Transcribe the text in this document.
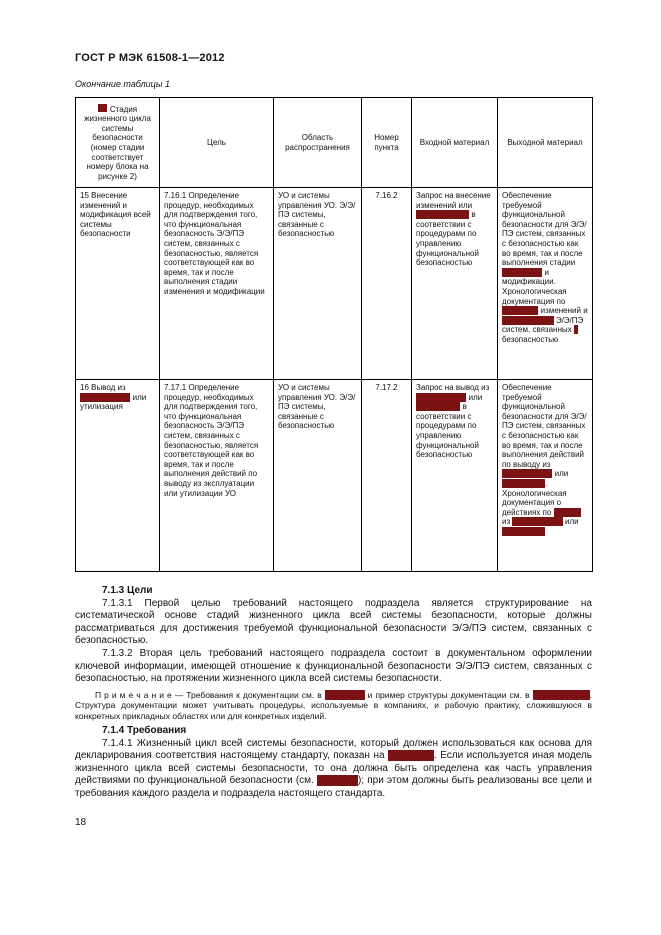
ГОСТ Р МЭК 61508-1—2012
Окончание таблицы 1
Стадия жизненного цикла системы безопасности (номер стадии соответствует номеру блока на рисунке 2)	Цель	Область распространения	Номер пункта	Входной материал	Выходной материал
15 Внесение изменений и модификация всей системы безопасности	7.16.1 Определение процедур, необходимых для подтверждения того, что функциональная безопасность Э/Э/ПЭ систем, связанных с безопасностью, является соответствующей как во время, так и после выполнения стадии изменения и модификации	УО и системы управления УО. Э/Э/ПЭ системы, связанные с безопасностью	7.16.2	Запрос на внесение изменений или модификацию в соответствии с процедурами по управлению функциональной безопасностью	Обеспечение требуемой функциональной безопасности для Э/Э/ПЭ систем, связанных с безопасностью как во время, так и после выполнения стадии изменений и модификации. Хронологическая документация по внесению изменений и модификации Э/Э/ПЭ систем, связанных с безопасностью
16 Вывод из эксплуатации или утилизация	7.17.1 Определение процедур, необходимых для подтверждения того, что функциональная безопасность Э/Э/ПЭ систем, связанных с безопасностью, является соответствующей как во время, так и после выполнения действий по выводу из эксплуатации или утилизации УО	УО и системы управления УО. Э/Э/ПЭ системы, связанные с безопасностью	7.17.2	Запрос на вывод из эксплуатации или утилизацию в соответствии с процедурами по управлению функциональной безопасностью	Обеспечение требуемой функциональной безопасности для Э/Э/ПЭ систем, связанных с безопасностью как во время, так и после выполнения действий по выводу из эксплуатации или утилизации. Хронологическая документация о действиях по выводу из эксплуатации или утилизации

7.1.3 Цели

7.1.3.1 Первой целью требований настоящего подраздела является структурирование на систематической основе стадий жизненного цикла всей системы безопасности, которые должны рассматриваться для достижения требуемой функциональной безопасности Э/Э/ПЭ систем, связанных с безопасностью.

7.1.3.2 Вторая цель требований настоящего подраздела состоит в документальном оформлении ключевой информации, имеющей отношение к функциональной безопасности Э/Э/ПЭ систем, связанных с безопасностью, на протяжении жизненного цикла всей системы безопасности.

П р и м е ч а н и е — Требования к документации см. в разделе 5 и пример структуры документации см. в приложении А. Структура документации может учитывать процедуры, используемые в компаниях, и рабочую практику, сложившуюся в конкретных прикладных областях или для конкретных изделий.

7.1.4 Требования

7.1.4.1 Жизненный цикл всей системы безопасности, который должен использоваться как основа для декларирования соответствия настоящему стандарту, показан на рисунке 2. Если используется иная модель жизненного цикла всей системы безопасности, то она должна быть определена как часть управления действиями по функциональной безопасности (см. раздел 6); при этом должны быть реализованы все цели и требования каждого раздела и подраздела настоящего стандарта.

18
